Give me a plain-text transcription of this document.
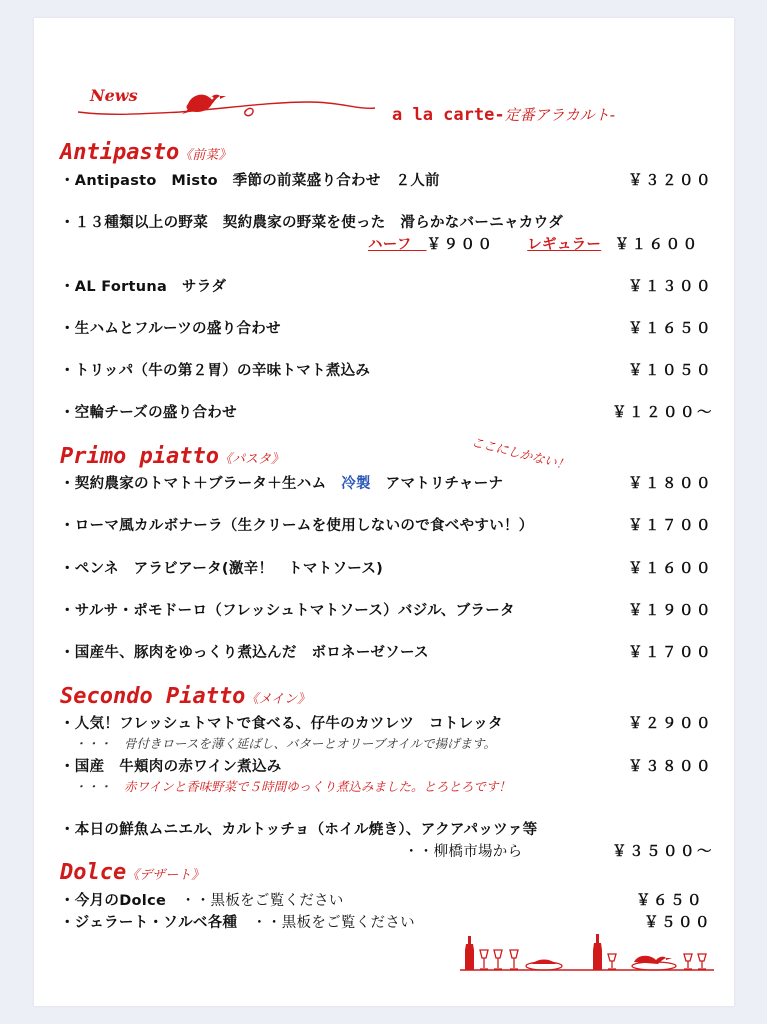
News
a la carte-定番アラカルト-
Antipasto《前菜》
・Antipasto　Misto　季節の前菜盛り合わせ　２人前	￥３２００
・１３種類以上の野菜　契約農家の野菜を使った　滑らかなバーニャカウダ
ハーフ　 ￥９００ レギュラー ￥１６００
・AL Fortuna　サラダ	￥１３００
・生ハムとフルーツの盛り合わせ	￥１６５０
・トリッパ（牛の第２胃）の辛味トマト煮込み	￥１０５０
・空輪チーズの盛り合わせ	￥１２００～
ここにしかない！
Primo piatto《パスタ》
・契約農家のトマト＋ブラータ＋生ハム　 冷製　 アマトリチャーナ	￥１８００
・ローマ風カルボナーラ（生クリームを使用しないので食べやすい！）	￥１７００
・ペンネ　アラビアータ(激辛！　トマトソース)	￥１６００
・サルサ・ポモドーロ（フレッシュトマトソース）バジル、ブラータ	￥１９００
・国産牛、豚肉をゆっくり煮込んだ　ボロネーゼソース	￥１７００
Secondo Piatto《メイン》
・人気！フレッシュトマトで食べる、仔牛のカツレツ　コトレッタ	￥２９００
・・・　 骨付きロースを薄く延ばし、バターとオリーブオイルで揚げます。
・国産　牛頬肉の赤ワイン煮込み	￥３８００
・・・　 赤ワインと香味野菜で５時間ゆっくり煮込みました。とろとろです！
・本日の鮮魚ムニエル、カルトッチョ（ホイル焼き）、アクアパッツァ等
・・柳橋市場から	￥３５００～
Dolce《デザート》
・今月のDolce　 ・・黒板をご覧ください	￥６５０
・ジェラート・ソルベ各種　 ・・黒板をご覧ください	￥５００
